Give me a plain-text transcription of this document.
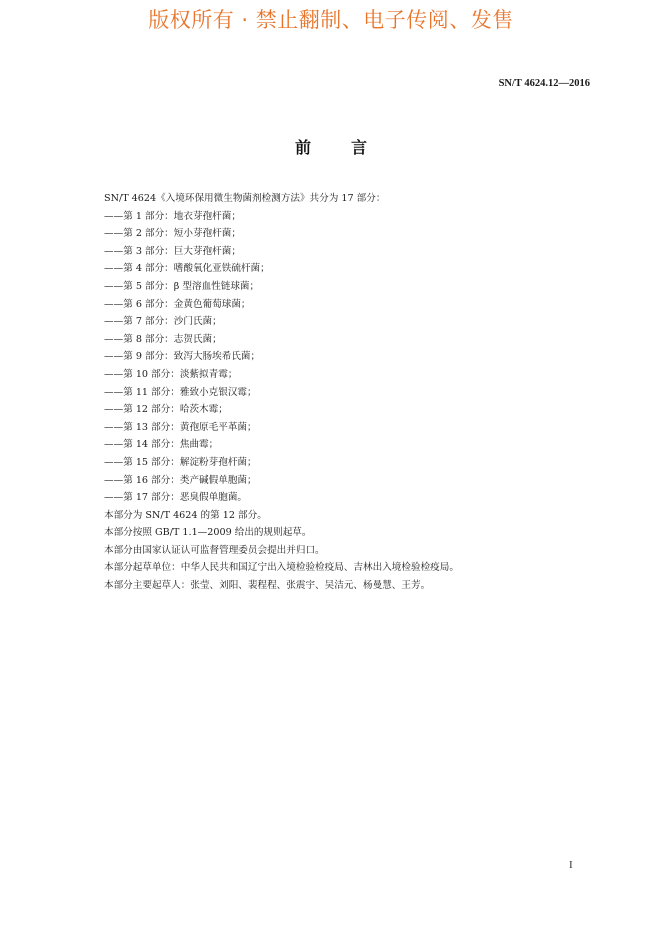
版权所有 · 禁止翻制、电子传阅、发售
SN/T 4624.12—2016
前言
SN/T 4624《入境环保用微生物菌剂检测方法》共分为 17 部分：
——第 1 部分：地衣芽孢杆菌；
——第 2 部分：短小芽孢杆菌；
——第 3 部分：巨大芽孢杆菌；
——第 4 部分：嗜酸氧化亚铁硫杆菌；
——第 5 部分：β 型溶血性链球菌；
——第 6 部分：金黄色葡萄球菌；
——第 7 部分：沙门氏菌；
——第 8 部分：志贺氏菌；
——第 9 部分：致泻大肠埃希氏菌；
——第 10 部分：淡紫拟青霉；
——第 11 部分：雅致小克银汉霉；
——第 12 部分：哈茨木霉；
——第 13 部分：黄孢原毛平革菌；
——第 14 部分：焦曲霉；
——第 15 部分：解淀粉芽孢杆菌；
——第 16 部分：类产碱假单胞菌；
——第 17 部分：恶臭假单胞菌。
本部分为 SN/T 4624 的第 12 部分。
本部分按照 GB/T 1.1—2009 给出的规则起草。
本部分由国家认证认可监督管理委员会提出并归口。
本部分起草单位：中华人民共和国辽宁出入境检验检疫局、吉林出入境检验检疫局。
本部分主要起草人：张莹、刘阳、裴程程、张震宇、吴洁元、杨曼慧、王芳。
I
